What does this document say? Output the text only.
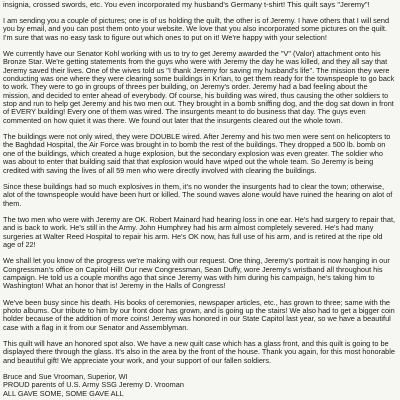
insignia, crossed swords, etc. You even incorporated my husband's Germany t-shirt! This quilt says "Jeremy"!

I am sending you a couple of pictures; one is of us holding the quilt, the other is of Jeremy. I have others that I will send you by email, and you can post them onto your website. We love that you also incorporated some pictures on the quilt. I'm sure that was no easy task to figure out which ones to put on it! We're happy with your selection!

We currently have our Senator Kohl working with us to try to get Jeremy awarded the "V" (Valor) attachment onto his Bronze Star. We're getting statements from the guys who were with Jeremy the day he was killed, and they all say that Jeremy saved their lives. One of the wives told us "I thank Jeremy for saving my husband's life". The mission they were conducting was one where they were clearing some buildings in Kr'ian, to get them ready for the townspeople to go back to work. They were to go in groups of threes per building, on Jeremy's order. Jeremy had a bad feeling about the mission, and decided to enter ahead of everybody. Of course, his building was wired, thus causing the other soldiers to stop and run to help get Jeremy and his two men out. They brought in a bomb sniffing dog, and the dog sat down in front of EVERY building! Every one of them was wired. The insurgents meant to do business that day. The guys even commented on how quiet it was there. We found out later that the insurgents cleared out the whole town.

The buildings were not only wired, they were DOUBLE wired. After Jeremy and his two men were sent on helicopters to the Baghdad Hospital, the Air Force was brought in to bomb the rest of the buildings. They dropped a 500 lb. bomb on one of the buildings, which created a huge explosion, but the secondary explosion was even greater. The soldier who was about to enter that building said that that explosion would have wiped out the whole team. So Jeremy is being credited with saving the lives of all 59 men who were directly involved with clearing the buildings.

Since these buildings had so much explosives in them, it's no wonder the insurgents had to clear the town; otherwise, alot of the townspeople would have been hurt or killed. The sound waves alone would have ruined the hearing on alot of them.

The two men who were with Jeremy are OK. Robert Mainard had hearing loss in one ear. He's had surgery to repair that, and is back to work. He's still in the Army. John Humphrey had his arm almost completely severed. He's had many surgeries at Walter Reed Hospital to repair his arm. He's OK now, has full use of his arm, and is retired at the ripe old age of 22!

We shall let you know of the progress we're making with our request. One thing, Jeremy's portrait is now hanging in our Congressman's office on Capitol Hill! Our new Congressman, Sean Duffy, wore Jeremy's wristband all throughout his campaign. He told us a couple months ago that since Jeremy was with him during his campaign, he's taking him to Washington! What an honor that is! Jeremy in the Halls of Congress!

We've been busy since his death. His books of ceremonies, newspaper articles, etc., has grown to three; same with the photo albums. Our tribute to him by our front door has grown, and is going up the stairs! We also had to get a bigger coin holder because of the addition of more coins! Jeremy was honored in our State Capitol last year, so we have a beautiful case with a flag in it from our Senator and Assemblyman.

This quilt will have an honored spot also. We have a new quilt case which has a glass front, and this quilt is going to be displayed there through the glass. It's also in the area by the front of the house. Thank you again, for this most honorable and beautiful gift! We appreciate your work, and your support of our fallen soldiers.

Bruce and Sue Vrooman, Superior, WI
PROUD parents of U.S. Army SSG Jeremy D. Vrooman
ALL GAVE SOME, SOME GAVE ALL
